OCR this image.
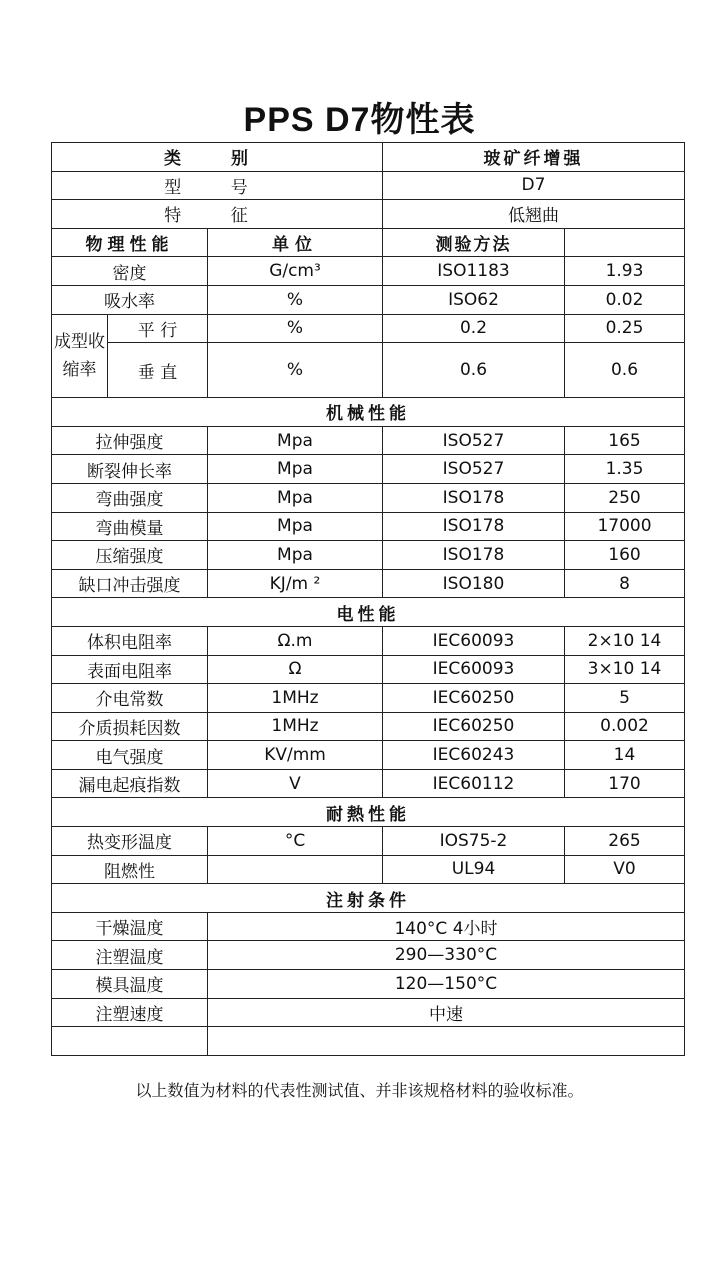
PPS D7物性表
类 别			玻矿纤增强	
型 号			D7	
特 征			低翘曲	
物理性能		单位	测验方法	
密度		G/cm³	ISO1183	1.93
吸水率		%	ISO62	0.02
成型收缩率	平 行	%	0.2	0.25
	垂 直	%	0.6	0.6
机械性能				
拉伸强度		Mpa	ISO527	165
断裂伸长率		Mpa	ISO527	1.35
弯曲强度		Mpa	ISO178	250
弯曲模量		Mpa	ISO178	17000
压缩强度		Mpa	ISO178	160
缺口冲击强度		KJ/m ²	ISO180	8
电性能				
体积电阻率		Ω.m	IEC60093	2×10 14
表面电阻率		Ω	IEC60093	3×10 14
介电常数		1MHz	IEC60250	5
介质损耗因数		1MHz	IEC60250	0.002
电气强度		KV/mm	IEC60243	14
漏电起痕指数		V	IEC60112	170
耐熱性能				
热变形温度		°C	IOS75-2	265
阻燃性			UL94	V0
注射条件				
干燥温度		140°C 4小时		
注塑温度		290—330°C		
模具温度		120—150°C		
注塑速度		中速		

以上数值为材料的代表性测试值、并非该规格材料的验收标准。
